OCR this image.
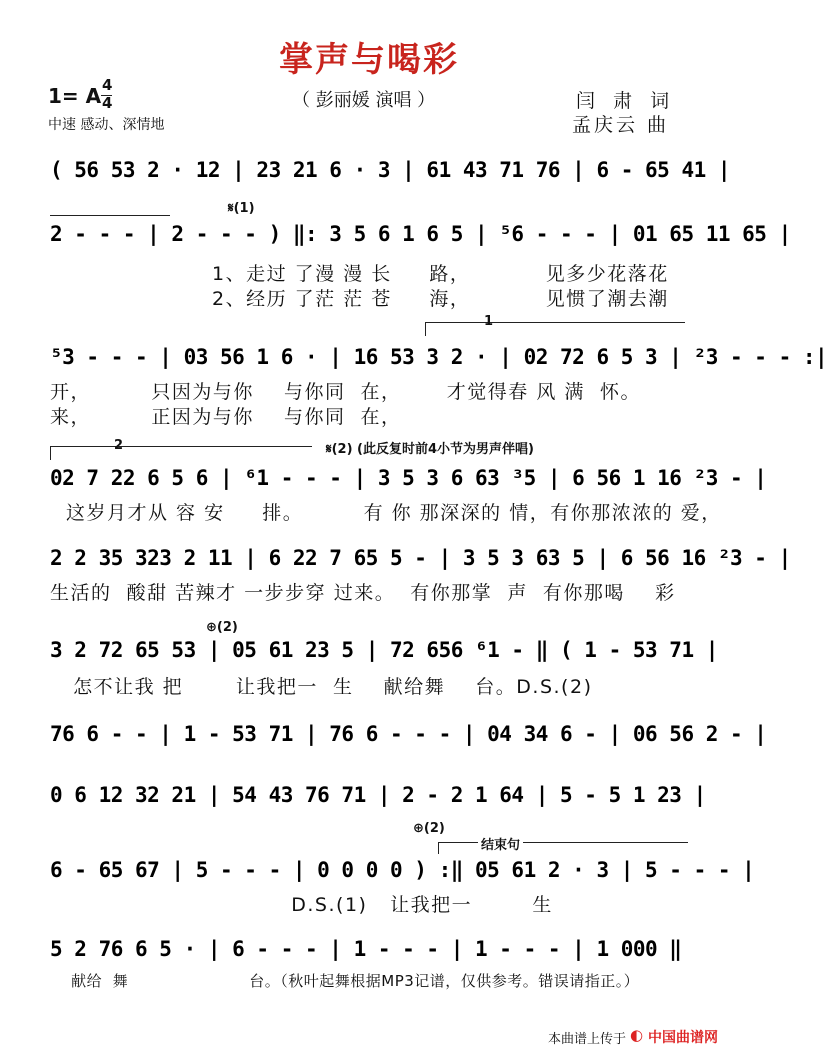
掌声与喝彩
1= A 4
4
中速 感动、深情地
（ 彭丽媛 演唱 ）	闫 肃 词
孟庆云 曲
( 56 53 2 · 12 | 23 21 6 · 3 | 61 43 71 76 | 6 - 65 41 |
𝄋(1)
2 - - - | 2 - - - ) ‖: 3 5 6 1 6 5 | ⁵6 - - - | 01 65 11 65 |
1、走过 了漫 漫 长     路，          见多少花落花
2、经历 了茫 茫 苍     海，          见惯了潮去潮
1
⁵3 - - - | 03 56 1 6 · | 16 53 3 2 · | 02 72 6 5 3 | ²3 - - - :|
开，        只因为与你    与你同  在，      才觉得春 风 满  怀。
来，        正因为与你    与你同  在，
2	𝄋(2) (此反复时前4小节为男声伴唱)
02 7 22 6 5 6 | ⁶1 - - - | 3 5 3 6 63 ³5 | 6 56 1 16 ²3 - |
这岁月才从 容 安     排。        有 你 那深深的 情，有你那浓浓的 爱，
2 2 35 323 2 11 | 6 22 7 65 5 - | 3 5 3 63 5 | 6 56 16 ²3 - |
生活的  酸甜 苦辣才 一步步穿 过来。  有你那掌  声  有你那喝    彩
⊕(2)
3 2 72 65 53 | 05 61 23 5 | 72 656 ⁶1 - ‖ ( 1 - 53 71 |
怎不让我 把       让我把一  生    献给舞    台。D.S.(2)
76 6 - - | 1 - 53 71 | 76 6 - - - | 04 34 6 - | 06 56 2 - |
0 6 12 32 21 | 54 43 76 71 | 2 - 2 1 64 | 5 - 5 1 23 |
⊕(2)
结束句
6 - 65 67 | 5 - - - | 0 0 0 0 ) :‖ 05 61 2 · 3 | 5 - - - |
D.S.(1)   让我把一        生
5 2 76 6 5 · | 6 - - - | 1 - - - | 1 - - - | 1 000 ‖
献给  舞                       台。（秋叶起舞根据MP3记谱，仅供参考。错误请指正。）
本曲谱上传于 ◐ 中国曲谱网
